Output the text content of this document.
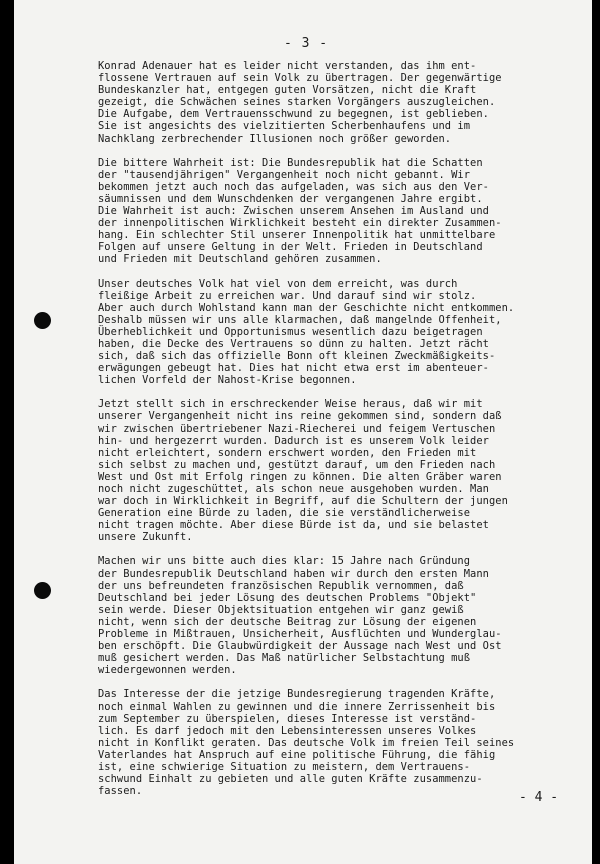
- 3 -
Konrad Adenauer hat es leider nicht verstanden, das ihm ent-
flossene Vertrauen auf sein Volk zu übertragen. Der gegenwärtige
Bundeskanzler hat, entgegen guten Vorsätzen, nicht die Kraft
gezeigt, die Schwächen seines starken Vorgängers auszugleichen.
Die Aufgabe, dem Vertrauensschwund zu begegnen, ist geblieben.
Sie ist angesichts des vielzitierten Scherbenhaufens und im
Nachklang zerbrechender Illusionen noch größer geworden.
Die bittere Wahrheit ist: Die Bundesrepublik hat die Schatten
der "tausendjährigen" Vergangenheit noch nicht gebannt. Wir
bekommen jetzt auch noch das aufgeladen, was sich aus den Ver-
säumnissen und dem Wunschdenken der vergangenen Jahre ergibt.
Die Wahrheit ist auch: Zwischen unserem Ansehen im Ausland und
der innenpolitischen Wirklichkeit besteht ein direkter Zusammen-
hang. Ein schlechter Stil unserer Innenpolitik hat unmittelbare
Folgen auf unsere Geltung in der Welt. Frieden in Deutschland
und Frieden mit Deutschland gehören zusammen.
Unser deutsches Volk hat viel von dem erreicht, was durch
fleißige Arbeit zu erreichen war. Und darauf sind wir stolz.
Aber auch durch Wohlstand kann man der Geschichte nicht entkommen.
Deshalb müssen wir uns alle klarmachen, daß mangelnde Offenheit,
Überheblichkeit und Opportunismus wesentlich dazu beigetragen
haben, die Decke des Vertrauens so dünn zu halten. Jetzt rächt
sich, daß sich das offizielle Bonn oft kleinen Zweckmäßigkeits-
erwägungen gebeugt hat. Dies hat nicht etwa erst im abenteuer-
lichen Vorfeld der Nahost-Krise begonnen.
Jetzt stellt sich in erschreckender Weise heraus, daß wir mit
unserer Vergangenheit nicht ins reine gekommen sind, sondern daß
wir zwischen übertriebener Nazi-Riecherei und feigem Vertuschen
hin- und hergezerrt wurden. Dadurch ist es unserem Volk leider
nicht erleichtert, sondern erschwert worden, den Frieden mit
sich selbst zu machen und, gestützt darauf, um den Frieden nach
West und Ost mit Erfolg ringen zu können. Die alten Gräber waren
noch nicht zugeschüttet, als schon neue ausgehoben wurden. Man
war doch in Wirklichkeit in Begriff, auf die Schultern der jungen
Generation eine Bürde zu laden, die sie verständlicherweise
nicht tragen möchte. Aber diese Bürde ist da, und sie belastet
unsere Zukunft.
Machen wir uns bitte auch dies klar: 15 Jahre nach Gründung
der Bundesrepublik Deutschland haben wir durch den ersten Mann
der uns befreundeten französischen Republik vernommen, daß
Deutschland bei jeder Lösung des deutschen Problems "Objekt"
sein werde. Dieser Objektsituation entgehen wir ganz gewiß
nicht, wenn sich der deutsche Beitrag zur Lösung der eigenen
Probleme in Mißtrauen, Unsicherheit, Ausflüchten und Wunderglau-
ben erschöpft. Die Glaubwürdigkeit der Aussage nach West und Ost
muß gesichert werden. Das Maß natürlicher Selbstachtung muß
wiedergewonnen werden.
Das Interesse der die jetzige Bundesregierung tragenden Kräfte,
noch einmal Wahlen zu gewinnen und die innere Zerrissenheit bis
zum September zu überspielen, dieses Interesse ist verständ-
lich. Es darf jedoch mit den Lebensinteressen unseres Volkes
nicht in Konflikt geraten. Das deutsche Volk im freien Teil seines
Vaterlandes hat Anspruch auf eine politische Führung, die fähig
ist, eine schwierige Situation zu meistern, dem Vertrauens-
schwund Einhalt zu gebieten und alle guten Kräfte zusammenzu-
fassen.	- 4 -
